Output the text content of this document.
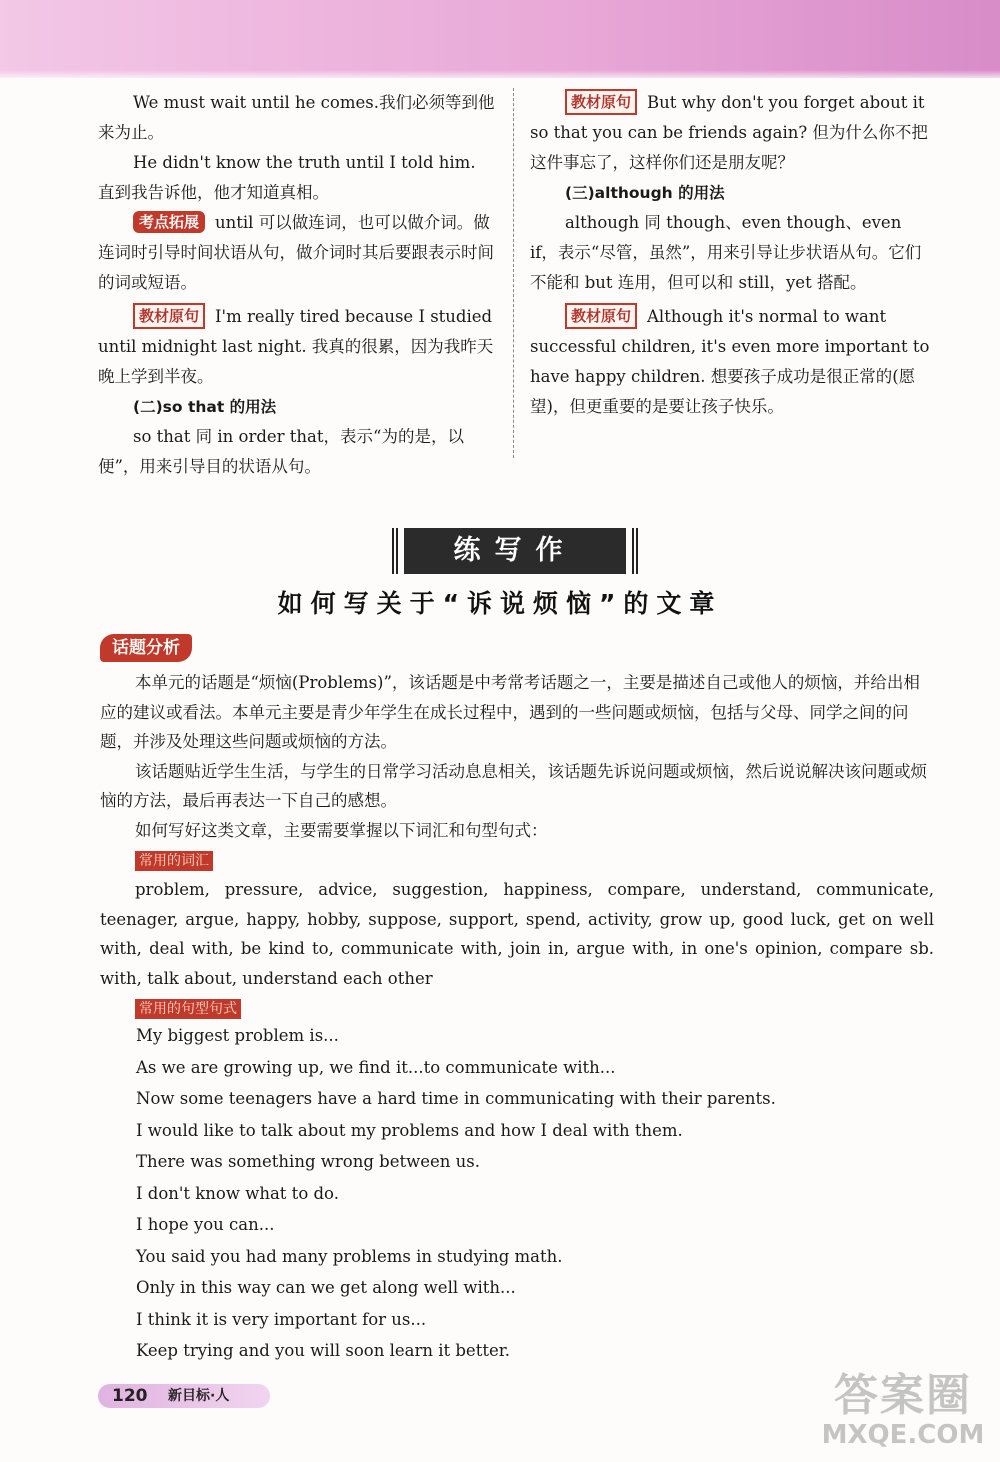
We must wait until he comes.我们必须等到他来为止。

He didn't know the truth until I told him. 直到我告诉他，他才知道真相。

考点拓展 until 可以做连词，也可以做介词。做连词时引导时间状语从句，做介词时其后要跟表示时间的词或短语。

教材原句 I'm really tired because I studied until midnight last night. 我真的很累，因为我昨天晚上学到半夜。

(二)so that 的用法

so that 同 in order that，表示“为的是，以便”，用来引导目的状语从句。

教材原句 But why don't you forget about it so that you can be friends again? 但为什么你不把这件事忘了，这样你们还是朋友呢？

(三)although 的用法

although 同 though、even though、even if，表示“尽管，虽然”，用来引导让步状语从句。它们不能和 but 连用，但可以和 still，yet 搭配。

教材原句 Although it's normal to want successful children, it's even more important to have happy children. 想要孩子成功是很正常的(愿望)，但更重要的是要让孩子快乐。

练写作
如何写关于“诉说烦恼”的文章
话题分析

本单元的话题是“烦恼(Problems)”，该话题是中考常考话题之一，主要是描述自己或他人的烦恼，并给出相应的建议或看法。本单元主要是青少年学生在成长过程中，遇到的一些问题或烦恼，包括与父母、同学之间的问题，并涉及处理这些问题或烦恼的方法。

该话题贴近学生生活，与学生的日常学习活动息息相关，该话题先诉说问题或烦恼，然后说说解决该问题或烦恼的方法，最后再表达一下自己的感想。

如何写好这类文章，主要需要掌握以下词汇和句型句式：

常用的词汇

problem, pressure, advice, suggestion, happiness, compare, understand, communicate, teenager, argue, happy, hobby, suppose, support, spend, activity, grow up, good luck, get on well with, deal with, be kind to, communicate with, join in, argue with, in one's opinion, compare sb. with, talk about, understand each other

常用的句型句式
My biggest problem is...
As we are growing up, we find it...to communicate with...
Now some teenagers have a hard time in communicating with their parents.
I would like to talk about my problems and how I deal with them.
There was something wrong between us.
I don't know what to do.
I hope you can...
You said you had many problems in studying math.
Only in this way can we get along well with...
I think it is very important for us...
Keep trying and you will soon learn it better.
120 新目标·人	答案圈
MXQE.COM
